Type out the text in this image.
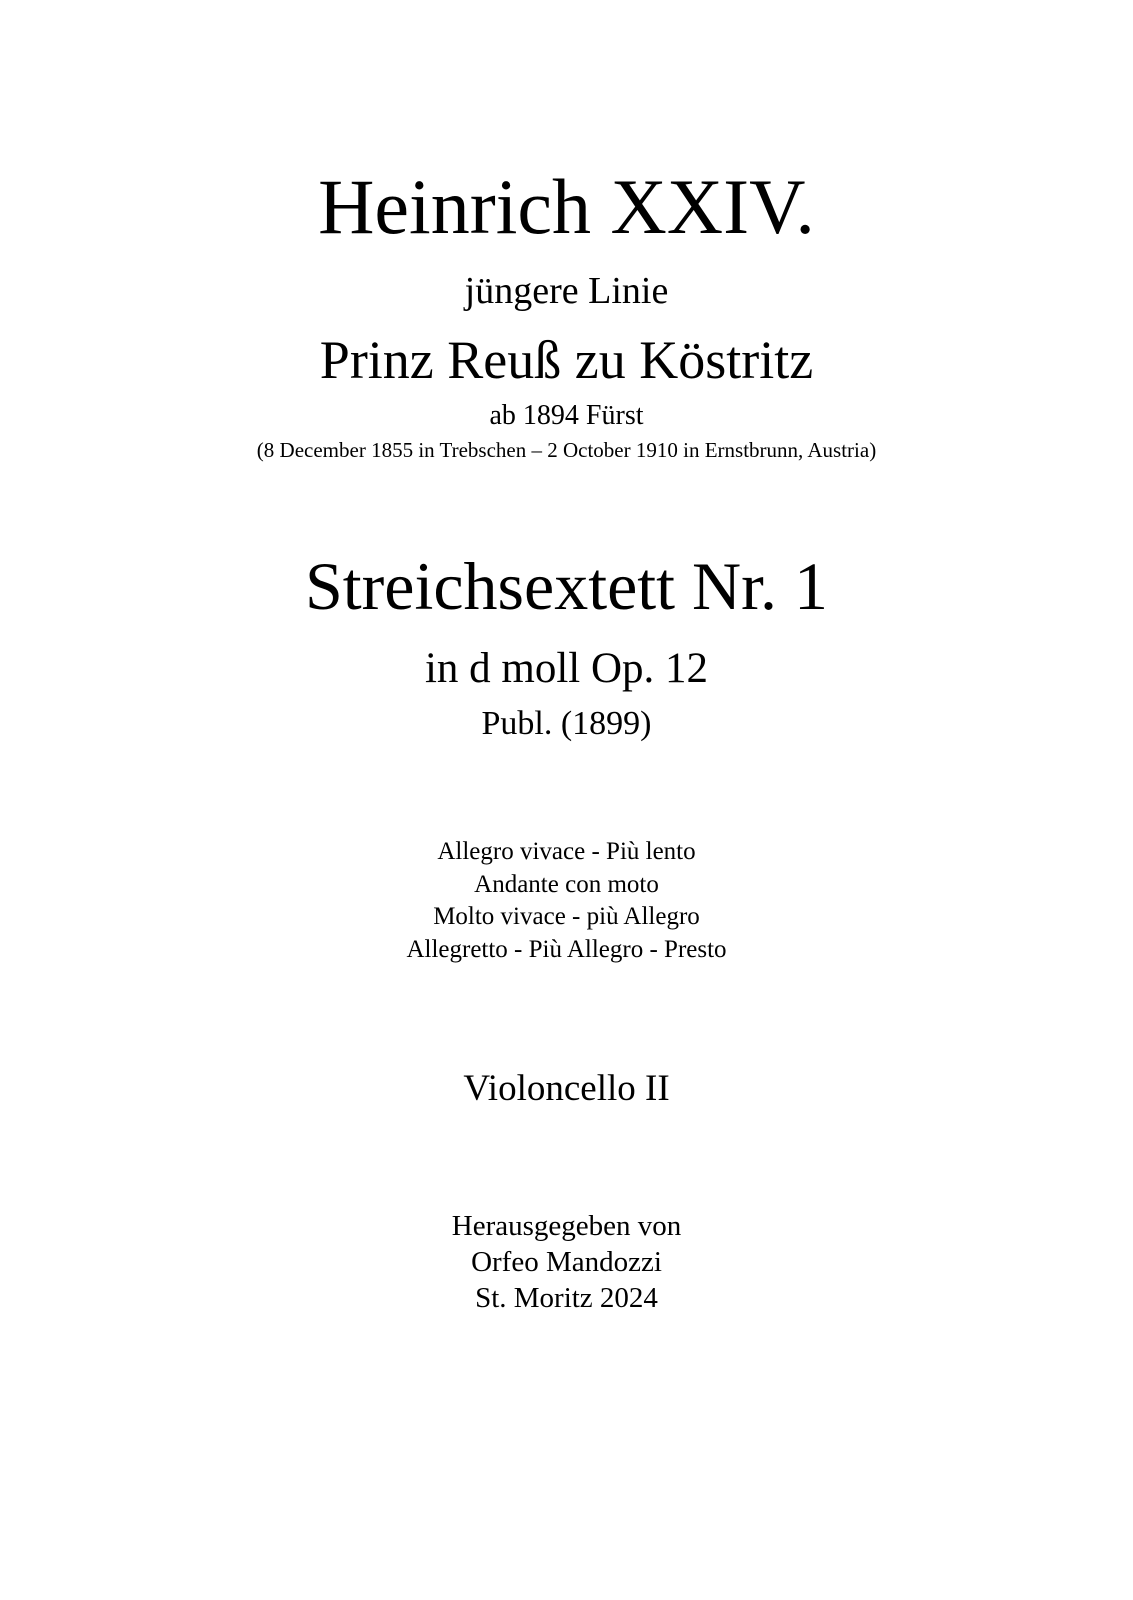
Heinrich XXIV.
jüngere Linie
Prinz Reuß zu Köstritz
ab 1894 Fürst
(8 December 1855 in Trebschen – 2 October 1910 in Ernstbrunn, Austria)
Streichsextett Nr. 1
in d moll Op. 12
Publ. (1899)
Allegro vivace - Più lento
Andante con moto
Molto vivace - più Allegro
Allegretto - Più Allegro - Presto
Violoncello II
Herausgegeben von
Orfeo Mandozzi
St. Moritz 2024
